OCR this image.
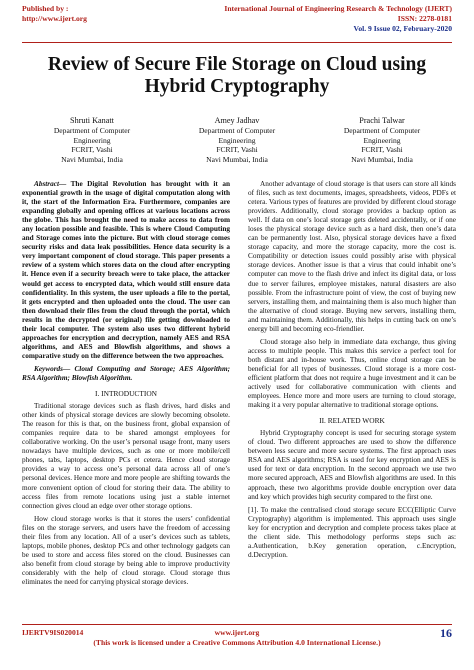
Published by :
http://www.ijert.org
International Journal of Engineering Research & Technology (IJERT)
ISSN: 2278-0181
Vol. 9 Issue 02, February-2020
Review of Secure File Storage on Cloud using Hybrid Cryptography
Shruti Kanatt
Department of Computer
Engineering
FCRIT, Vashi
Navi Mumbai, India
Amey Jadhav
Department of Computer
Engineering
FCRIT, Vashi
Navi Mumbai, India
Prachi Talwar
Department of Computer
Engineering
FCRIT, Vashi
Navi Mumbai, India

Abstract— The Digital Revolution has brought with it an exponential growth in the usage of digital computation along with it, the start of the Information Era. Furthermore, companies are expanding globally and opening offices at various locations across the globe. This has brought the need to make access to data from any location possible and feasible. This is where Cloud Computing and Storage comes into the picture. But with cloud storage comes security risks and data leak possibilities. Hence data security is a very important component of cloud storage. This paper presents a review of a system which stores data on the cloud after encrypting it. Hence even if a security breach were to take place, the attacker would get access to encrypted data, which would still ensure data confidentiality. In this system, the user uploads a file to the portal, it gets encrypted and then uploaded onto the cloud. The user can then download their files from the cloud through the portal, which results in the decrypted (or original) file getting downloaded to their local computer. The system also uses two different hybrid approaches for encryption and decryption, namely AES and RSA algorithms, and AES and Blowfish algorithms, and shows a comparative study on the difference between the two approaches.

Keywords— Cloud Computing and Storage; AES Algorithm; RSA Algorithm; Blowfish Algorithm.

I. INTRODUCTION

Traditional storage devices such as flash drives, hard disks and other kinds of physical storage devices are slowly becoming obsolete. The reason for this is that, on the business front, global expansion of companies require data to be shared amongst employees for collaborative working. On the user’s personal usage front, many users nowadays have multiple devices, such as one or more mobile/cell phones, tabs, laptops, desktop PCs et cetera. Hence cloud storage provides a way to access one’s personal data across all of one’s personal devices. Hence more and more people are shifting towards the more convenient option of cloud for storing their data. The ability to access files from remote locations using just a stable internet connection gives cloud an edge over other storage options.

How cloud storage works is that it stores the users’ confidential files on the storage servers, and users have the freedom of accessing their files from any location. All of a user’s devices such as tablets, laptops, mobile phones, desktop PCs and other technology gadgets can be used to store and access files stored on the cloud. Businesses can also benefit from cloud storage by being able to improve productivity considerably with the help of cloud storage. Cloud storage thus eliminates the need for carrying physical storage devices.

Another advantage of cloud storage is that users can store all kinds of files, such as text documents, images, spreadsheets, videos, PDFs et cetera. Various types of features are provided by different cloud storage providers. Additionally, cloud storage provides a backup option as well. If data on one’s local storage gets deleted accidentally, or if one loses the physical storage device such as a hard disk, then one’s data can be permanently lost. Also, physical storage devices have a fixed storage capacity, and more the storage capacity, more the cost is. Compatibility or detection issues could possibly arise with physical storage devices. Another issue is that a virus that could inhabit one’s computer can move to the flash drive and infect its digital data, or loss due to server failures, employee mistakes, natural disasters are also possible. From the infrastructure point of view, the cost of buying new servers, installing them, and maintaining them is also much higher than the alternative of cloud storage. Buying new servers, installing them, and maintaining them. Additionally, this helps in cutting back on one’s energy bill and becoming eco-friendlier.

Cloud storage also help in immediate data exchange, thus giving access to multiple people. This makes this service a perfect tool for both distant and in-house work. Thus, online cloud storage can be beneficial for all types of businesses. Cloud storage is a more cost-efficient platform that does not require a huge investment and it can be actively used for collaborative communication with clients and employees. Hence more and more users are turning to cloud storage, making it a very popular alternative to traditional storage options.

II. RELATED WORK

Hybrid Cryptography concept is used for securing storage system of cloud. Two different approaches are used to show the difference between less secure and more secure systems. The first approach uses RSA and AES algorithms; RSA is used for key encryption and AES is used for text or data encryption. In the second approach we use two more secured approach, AES and Blowfish algorithms are used. In this approach, these two algorithms provide double encryption over data and key which provides high security compared to the first one.

[1]. To make the centralised cloud storage secure ECC(Elliptic Curve Cryptography) algorithm is implemented. This approach uses single key for encryption and decryption and complete process takes place at the client side. This methodology performs steps such as: a.Authentication, b.Key generation operation, c.Encryption, d.Decryption.

IJERTV9IS020014	www.ijert.org
(This work is licensed under a Creative Commons Attribution 4.0 International License.)
16
